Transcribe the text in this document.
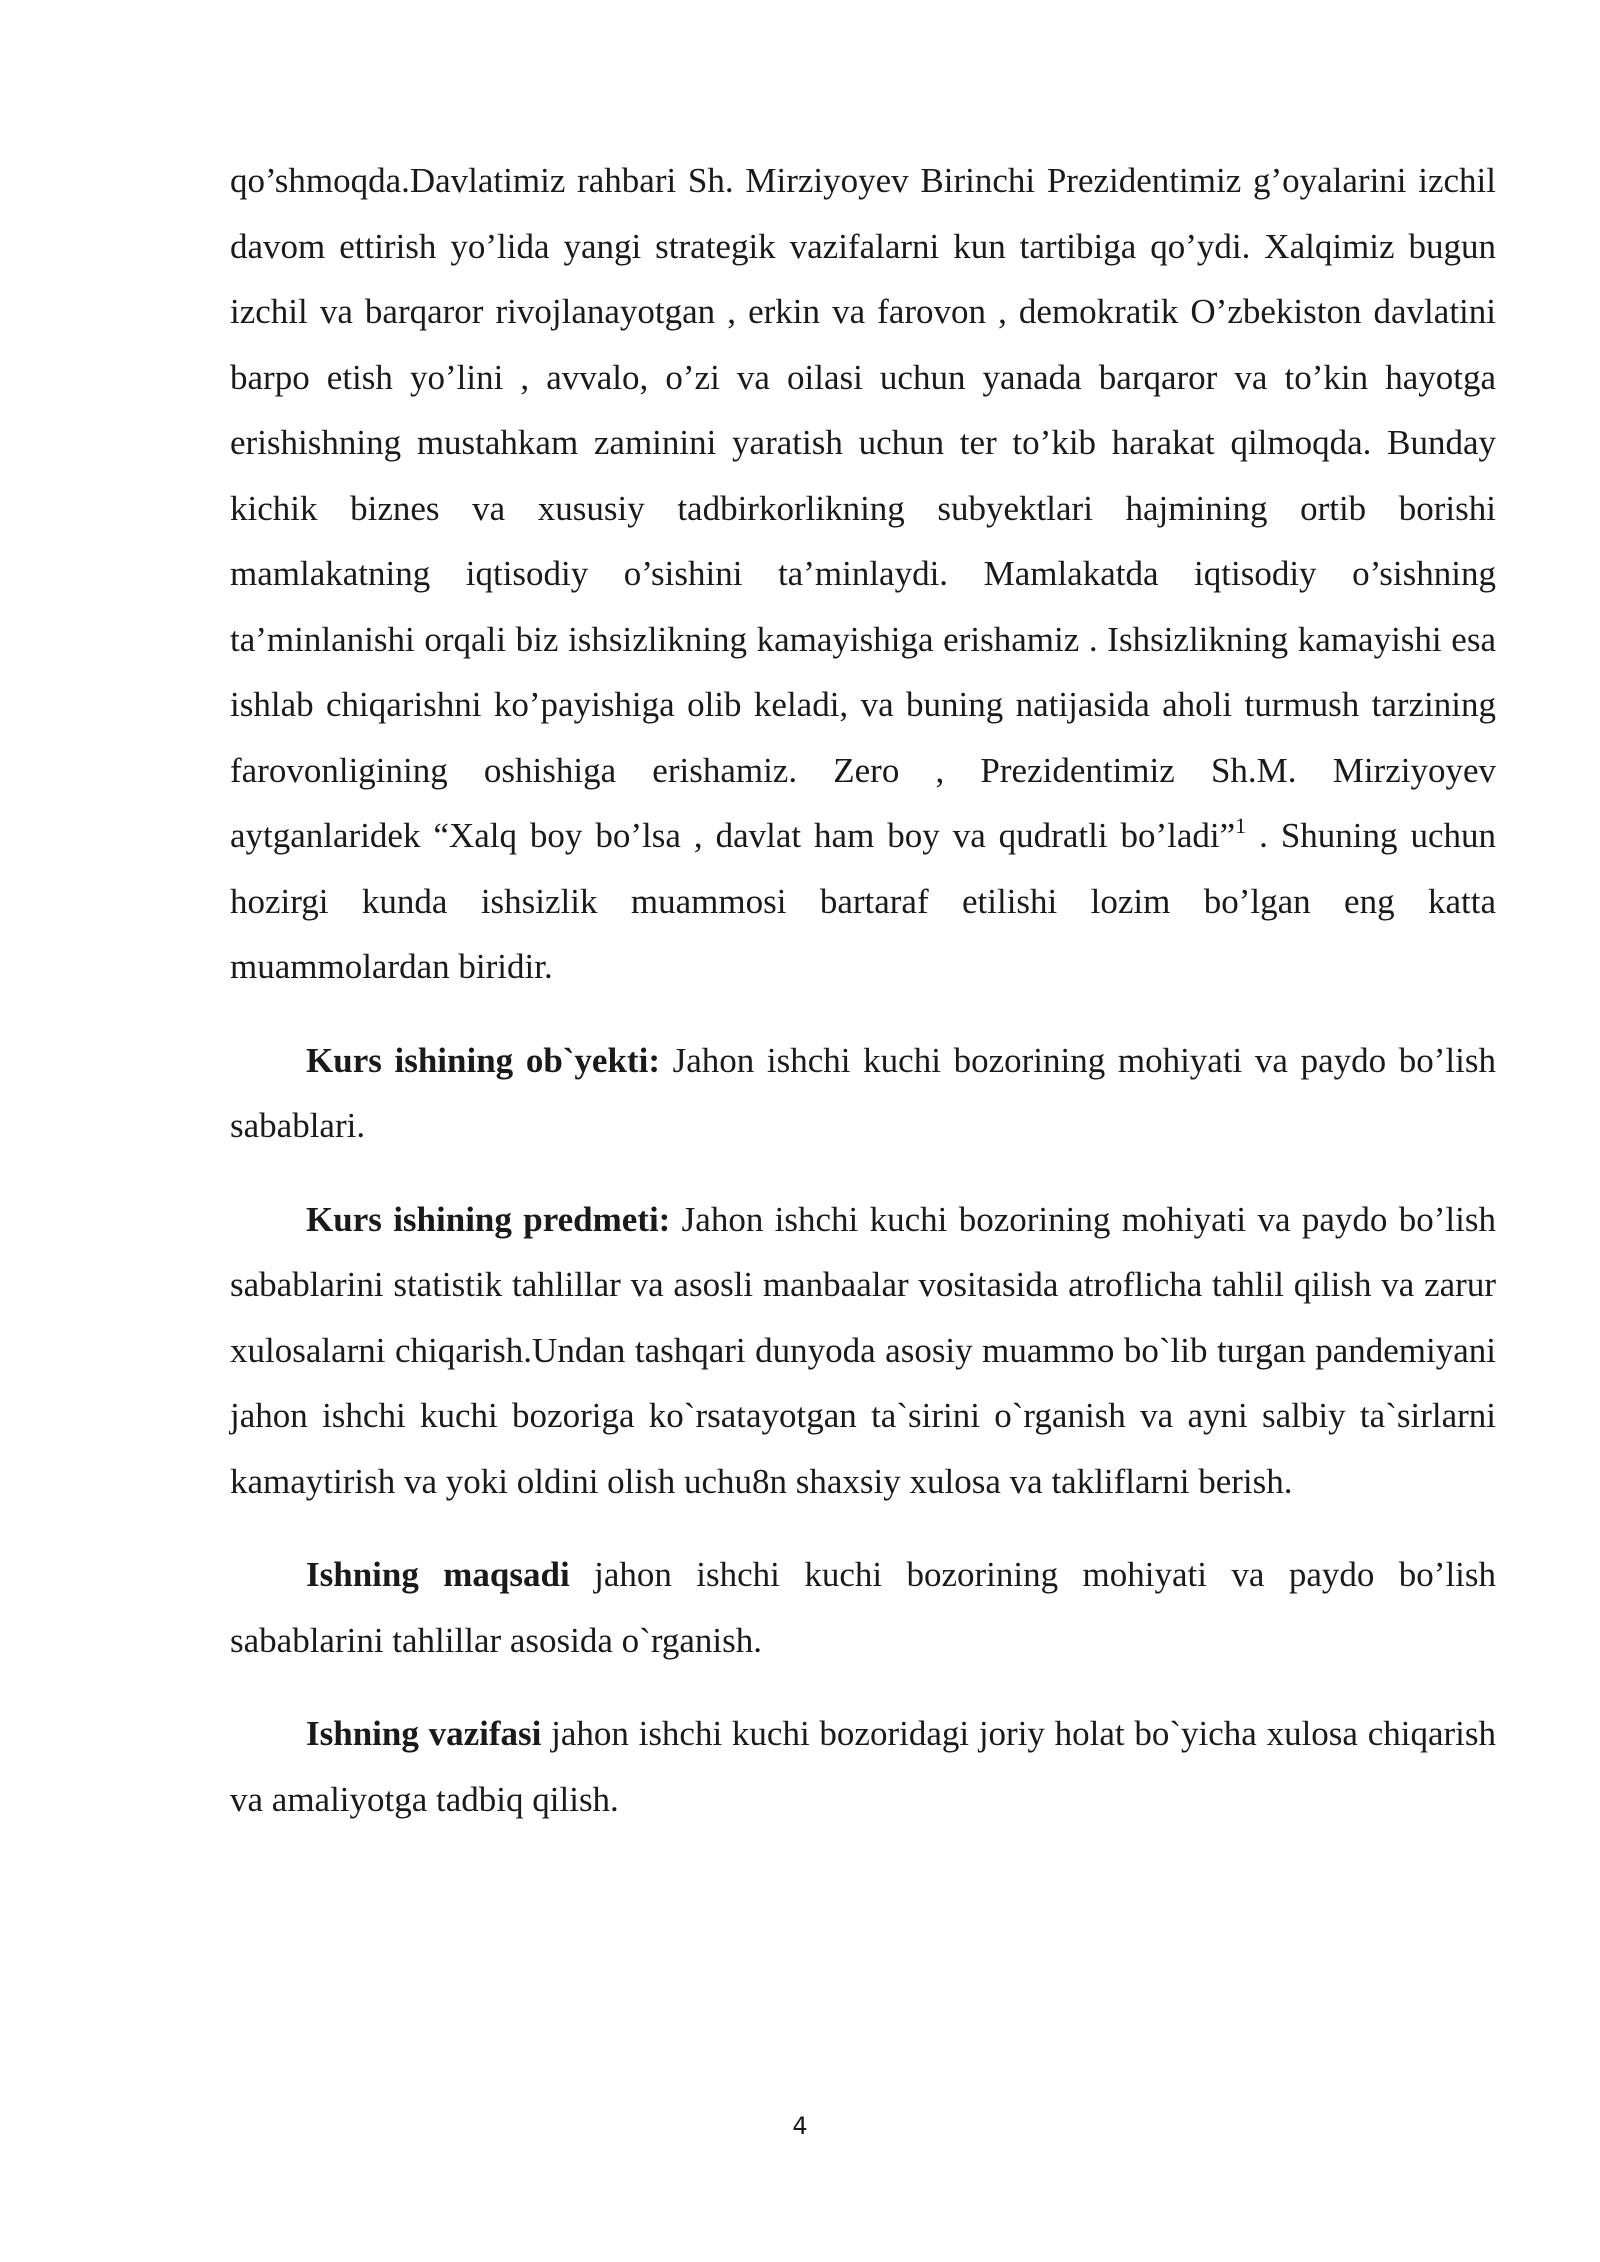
qo’shmoqda.Davlatimiz rahbari Sh. Mirziyoyev Birinchi Prezidentimiz g’oyalarini izchil davom ettirish yo’lida yangi strategik vazifalarni kun tartibiga qo’ydi. Xalqimiz bugun izchil va barqaror rivojlanayotgan , erkin va farovon , demokratik O’zbekiston davlatini barpo etish yo’lini , avvalo, o’zi va oilasi uchun yanada barqaror va to’kin hayotga erishishning mustahkam zaminini yaratish uchun ter to’kib harakat qilmoqda. Bunday kichik biznes va xususiy tadbirkorlikning subyektlari hajmining ortib borishi mamlakatning iqtisodiy o’sishini ta’minlaydi. Mamlakatda iqtisodiy o’sishning ta’minlanishi orqali biz ishsizlikning kamayishiga erishamiz . Ishsizlikning kamayishi esa ishlab chiqarishni ko’payishiga olib keladi, va buning natijasida aholi turmush tarzining farovonligining oshishiga erishamiz. Zero , Prezidentimiz Sh.M. Mirziyoyev aytganlaridek “Xalq boy bo’lsa , davlat ham boy va qudratli bo’ladi”$^1$ . Shuning uchun hozirgi kunda ishsizlik muammosi bartaraf etilishi lozim bo’lgan eng katta muammolardan biridir.

Kurs ishining ob`yekti: Jahon ishchi kuchi bozorining mohiyati va paydo bo’lish sabablari.

Kurs ishining predmeti: Jahon ishchi kuchi bozorining mohiyati va paydo bo’lish sabablarini statistik tahlillar va asosli manbaalar vositasida atroflicha tahlil qilish va zarur xulosalarni chiqarish.Undan tashqari dunyoda asosiy muammo bo`lib turgan pandemiyani jahon ishchi kuchi bozoriga ko`rsatayotgan ta`sirini o`rganish va ayni salbiy ta`sirlarni kamaytirish va yoki oldini olish uchu8n shaxsiy xulosa va takliflarni berish.

Ishning maqsadi jahon ishchi kuchi bozorining mohiyati va paydo bo’lish sabablarini tahlillar asosida o`rganish.

Ishning vazifasi jahon ishchi kuchi bozoridagi joriy holat bo`yicha xulosa chiqarish va amaliyotga tadbiq qilish.

4
